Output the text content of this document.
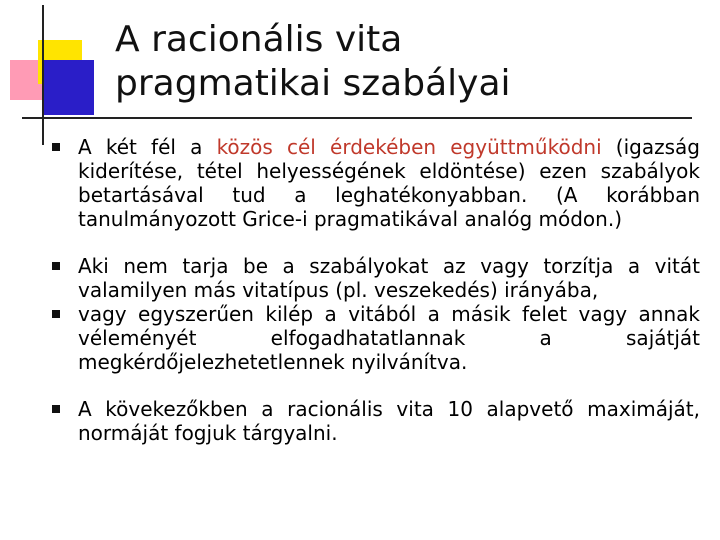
A racionális vita
pragmatikai szabályai
A két fél a közös cél érdekében együttműködni (igazság kiderítése, tétel helyességének eldöntése) ezen szabályok betartásával tud a leghatékonyabban. (A korábban tanulmányozott Grice-i pragmatikával analóg módon.)
Aki nem tarja be a szabályokat az vagy torzítja a vitát valamilyen más vitatípus (pl. veszekedés) irányába,
vagy egyszerűen kilép a vitából a másik felet vagy annak véleményét elfogadhatatlannak a sajátját megkérdőjelezhetetlennek nyilvánítva.
A kövekezőkben a racionális vita 10 alapvető maximáját, normáját fogjuk tárgyalni.
